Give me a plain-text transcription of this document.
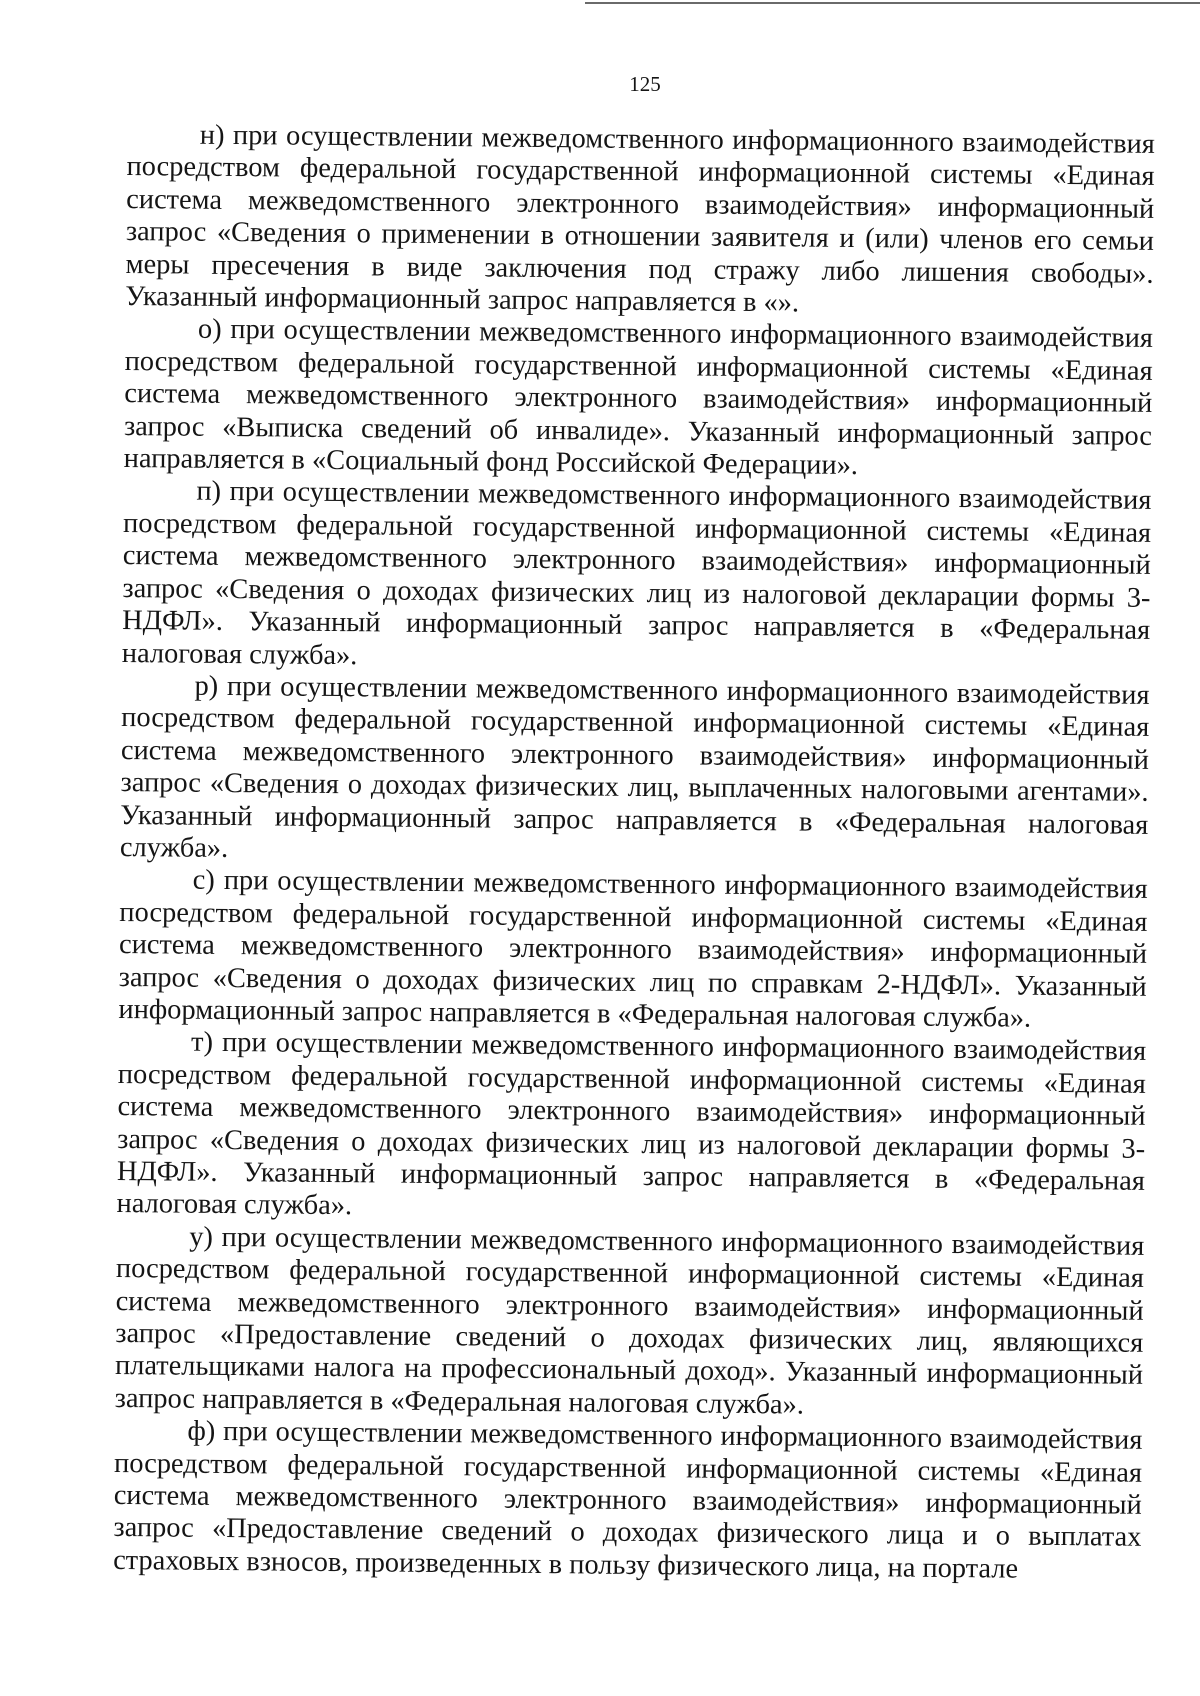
125

н) при осуществлении межведомственного информационного взаимодействия посредством федеральной государственной информационной системы «Единая система межведомственного электронного взаимодействия» информационный запрос «Сведения о применении в отношении заявителя и (или) членов его семьи меры пресечения в виде заключения под стражу либо лишения свободы». Указанный информационный запрос направляется в «».

о) при осуществлении межведомственного информационного взаимодействия посредством федеральной государственной информационной системы «Единая система межведомственного электронного взаимодействия» информационный запрос «Выписка сведений об инвалиде». Указанный информационный запрос направляется в «Социальный фонд Российской Федерации».

п) при осуществлении межведомственного информационного взаимодействия посредством федеральной государственной информационной системы «Единая система межведомственного электронного взаимодействия» информационный запрос «Сведения о доходах физических лиц из налоговой декларации формы 3-НДФЛ». Указанный информационный запрос направляется в «Федеральная налоговая служба».

р) при осуществлении межведомственного информационного взаимодействия посредством федеральной государственной информационной системы «Единая система межведомственного электронного взаимодействия» информационный запрос «Сведения о доходах физических лиц, выплаченных налоговыми агентами». Указанный информационный запрос направляется в «Федеральная налоговая служба».

с) при осуществлении межведомственного информационного взаимодействия посредством федеральной государственной информационной системы «Единая система межведомственного электронного взаимодействия» информационный запрос «Сведения о доходах физических лиц по справкам 2-НДФЛ». Указанный информационный запрос направляется в «Федеральная налоговая служба».

т) при осуществлении межведомственного информационного взаимодействия посредством федеральной государственной информационной системы «Единая система межведомственного электронного взаимодействия» информационный запрос «Сведения о доходах физических лиц из налоговой декларации формы 3-НДФЛ». Указанный информационный запрос направляется в «Федеральная налоговая служба».

у) при осуществлении межведомственного информационного взаимодействия посредством федеральной государственной информационной системы «Единая система межведомственного электронного взаимодействия» информационный запрос «Предоставление сведений о доходах физических лиц, являющихся плательщиками налога на профессиональный доход». Указанный информационный запрос направляется в «Федеральная налоговая служба».

ф) при осуществлении межведомственного информационного взаимодействия посредством федеральной государственной информационной системы «Единая система межведомственного электронного взаимодействия» информационный запрос «Предоставление сведений о доходах физического лица и о выплатах страховых взносов, произведенных в пользу физического лица, на портале
